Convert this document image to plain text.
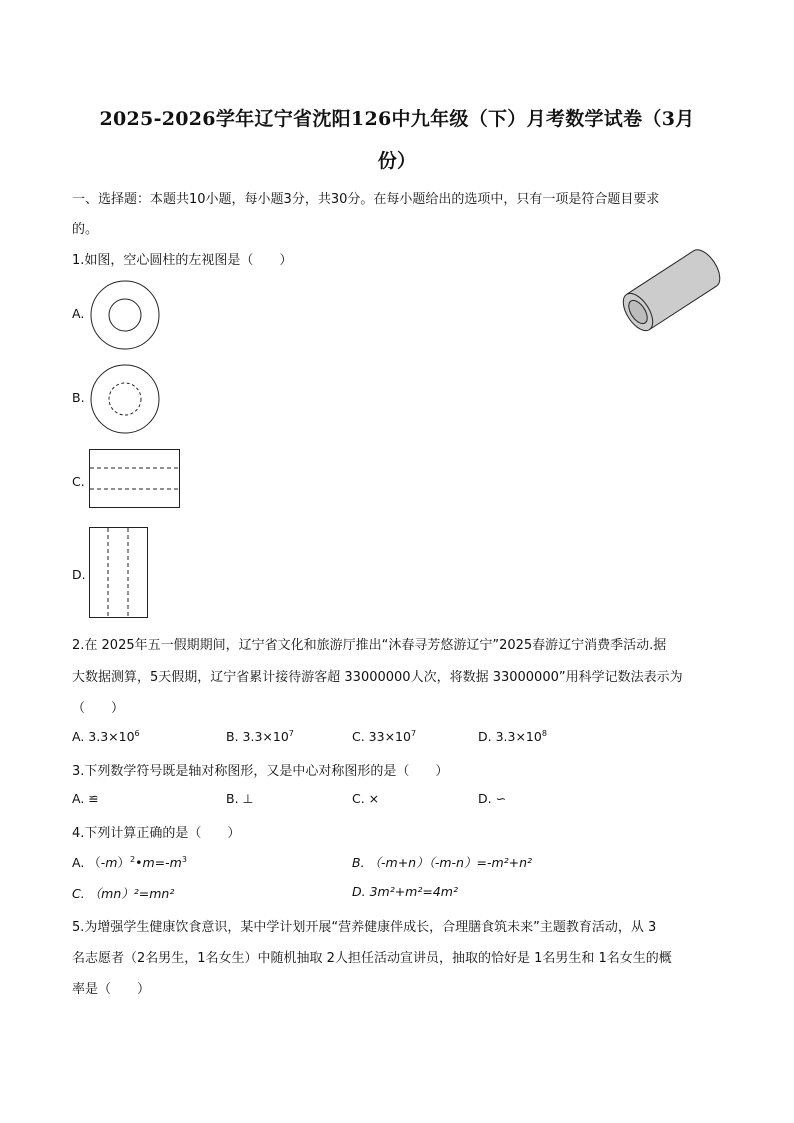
2025-2026学年辽宁省沈阳126中九年级（下）月考数学试卷（3月
份）
一、选择题：本题共10小题，每小题3分，共30分。在每小题给出的选项中，只有一项是符合题目要求
的。
1.如图，空心圆柱的左视图是（　　）
A.
B.
C.
D.
2.在 2025年五一假期期间，辽宁省文化和旅游厅推出“沐春寻芳悠游辽宁”2025春游辽宁消费季活动.据
大数据测算，5天假期，辽宁省累计接待游客超 33000000人次，将数据 33000000”用科学记数法表示为
（　　）
A. $3.3\times 10^6$	B. $3.3\times 10^7$	C. $33\times 10^7$	D. $3.3\times 10^8$
3.下列数学符号既是轴对称图形，又是中心对称图形的是（　　）
A. ≌	B. ⊥	C. ×	D. ∽
4.下列计算正确的是（　　）
A. $(-m)^2•m=-m^3$	B. （-m+n）（-m-n）=-m²+n²
C. （mn）²=mn²	D. 3m²+m²=4m²
5.为增强学生健康饮食意识，某中学计划开展“营养健康伴成长，合理膳食筑未来”主题教育活动，从 3
名志愿者（2名男生，1名女生）中随机抽取 2人担任活动宣讲员，抽取的恰好是 1名男生和 1名女生的概
率是（　　）
